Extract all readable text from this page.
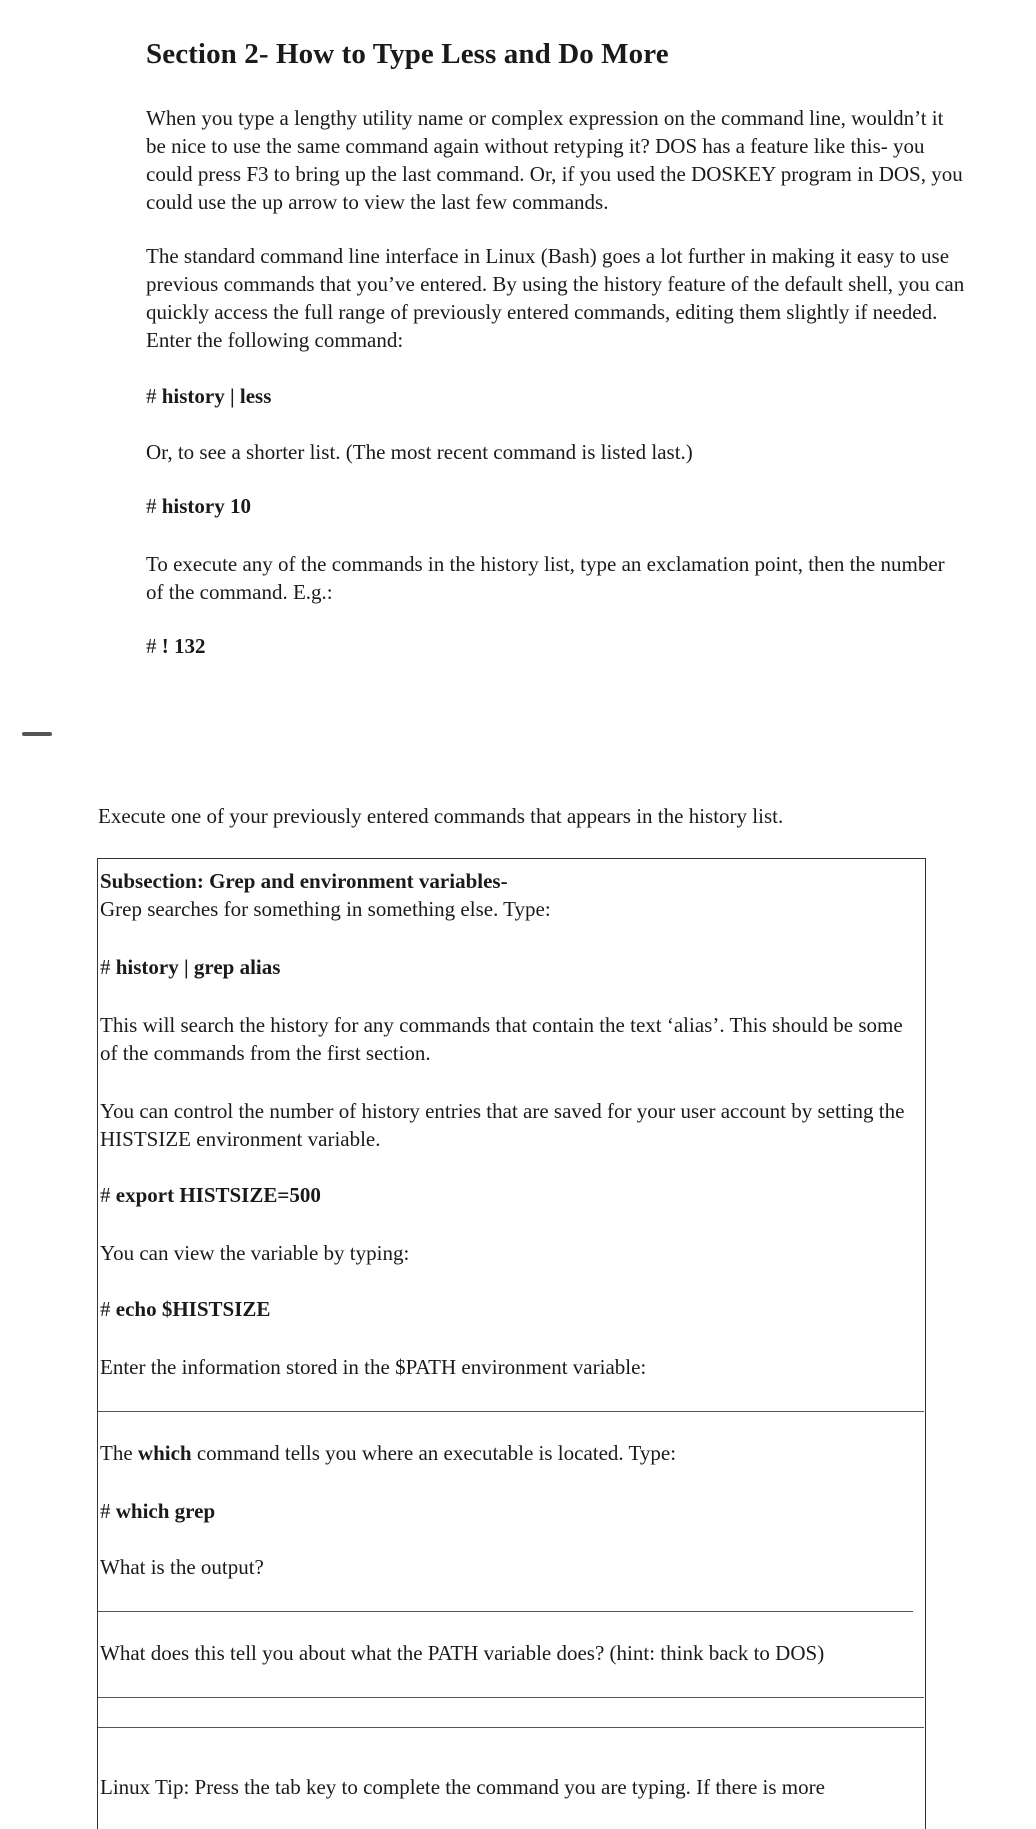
Section 2- How to Type Less and Do More

When you type a lengthy utility name or complex expression on the command line, wouldn’t it be nice to use the same command again without retyping it? DOS has a feature like this- you could press F3 to bring up the last command. Or, if you used the DOSKEY program in DOS, you could use the up arrow to view the last few commands.

The standard command line interface in Linux (Bash) goes a lot further in making it easy to use previous commands that you’ve entered. By using the history feature of the default shell, you can quickly access the full range of previously entered commands, editing them slightly if needed. Enter the following command:

# history | less

Or, to see a shorter list. (The most recent command is listed last.)

# history 10

To execute any of the commands in the history list, type an exclamation point, then the number of the command. E.g.:

# ! 132

Execute one of your previously entered commands that appears in the history list.

Subsection: Grep and environment variables-

Grep searches for something in something else. Type:

# history | grep alias

This will search the history for any commands that contain the text ‘alias’. This should be some of the commands from the first section.

You can control the number of history entries that are saved for your user account by setting the HISTSIZE environment variable.

# export HISTSIZE=500

You can view the variable by typing:

# echo $HISTSIZE

Enter the information stored in the $PATH environment variable:

The which command tells you where an executable is located. Type:

# which grep

What is the output?

What does this tell you about what the PATH variable does? (hint: think back to DOS)

Linux Tip: Press the tab key to complete the command you are typing. If there is more
